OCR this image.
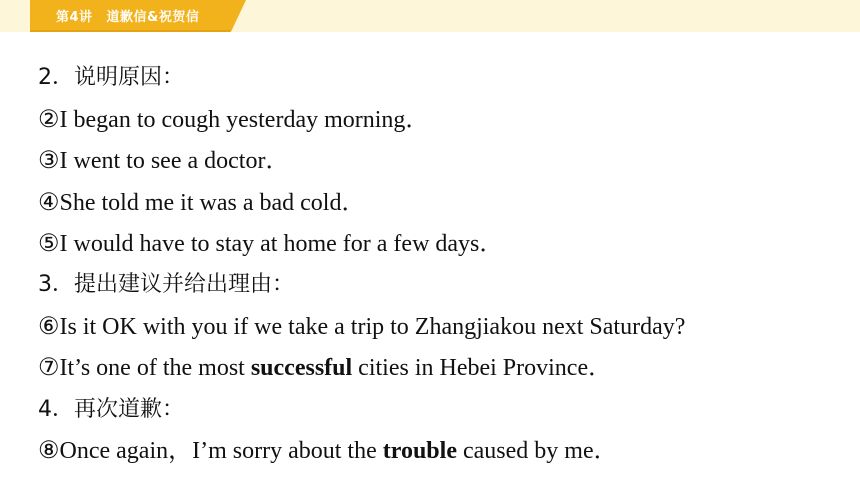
第4讲 道歉信&祝贺信
2．说明原因：
②I began to cough yesterday morning．
③I went to see a doctor．
④She told me it was a bad cold．
⑤I would have to stay at home for a few days．
3．提出建议并给出理由：
⑥Is it OK with you if we take a trip to Zhangjiakou next Saturday?
⑦It’s one of the most successful cities in Hebei Province．
4．再次道歉：
⑧Once again，I’m sorry about the trouble caused by me．
